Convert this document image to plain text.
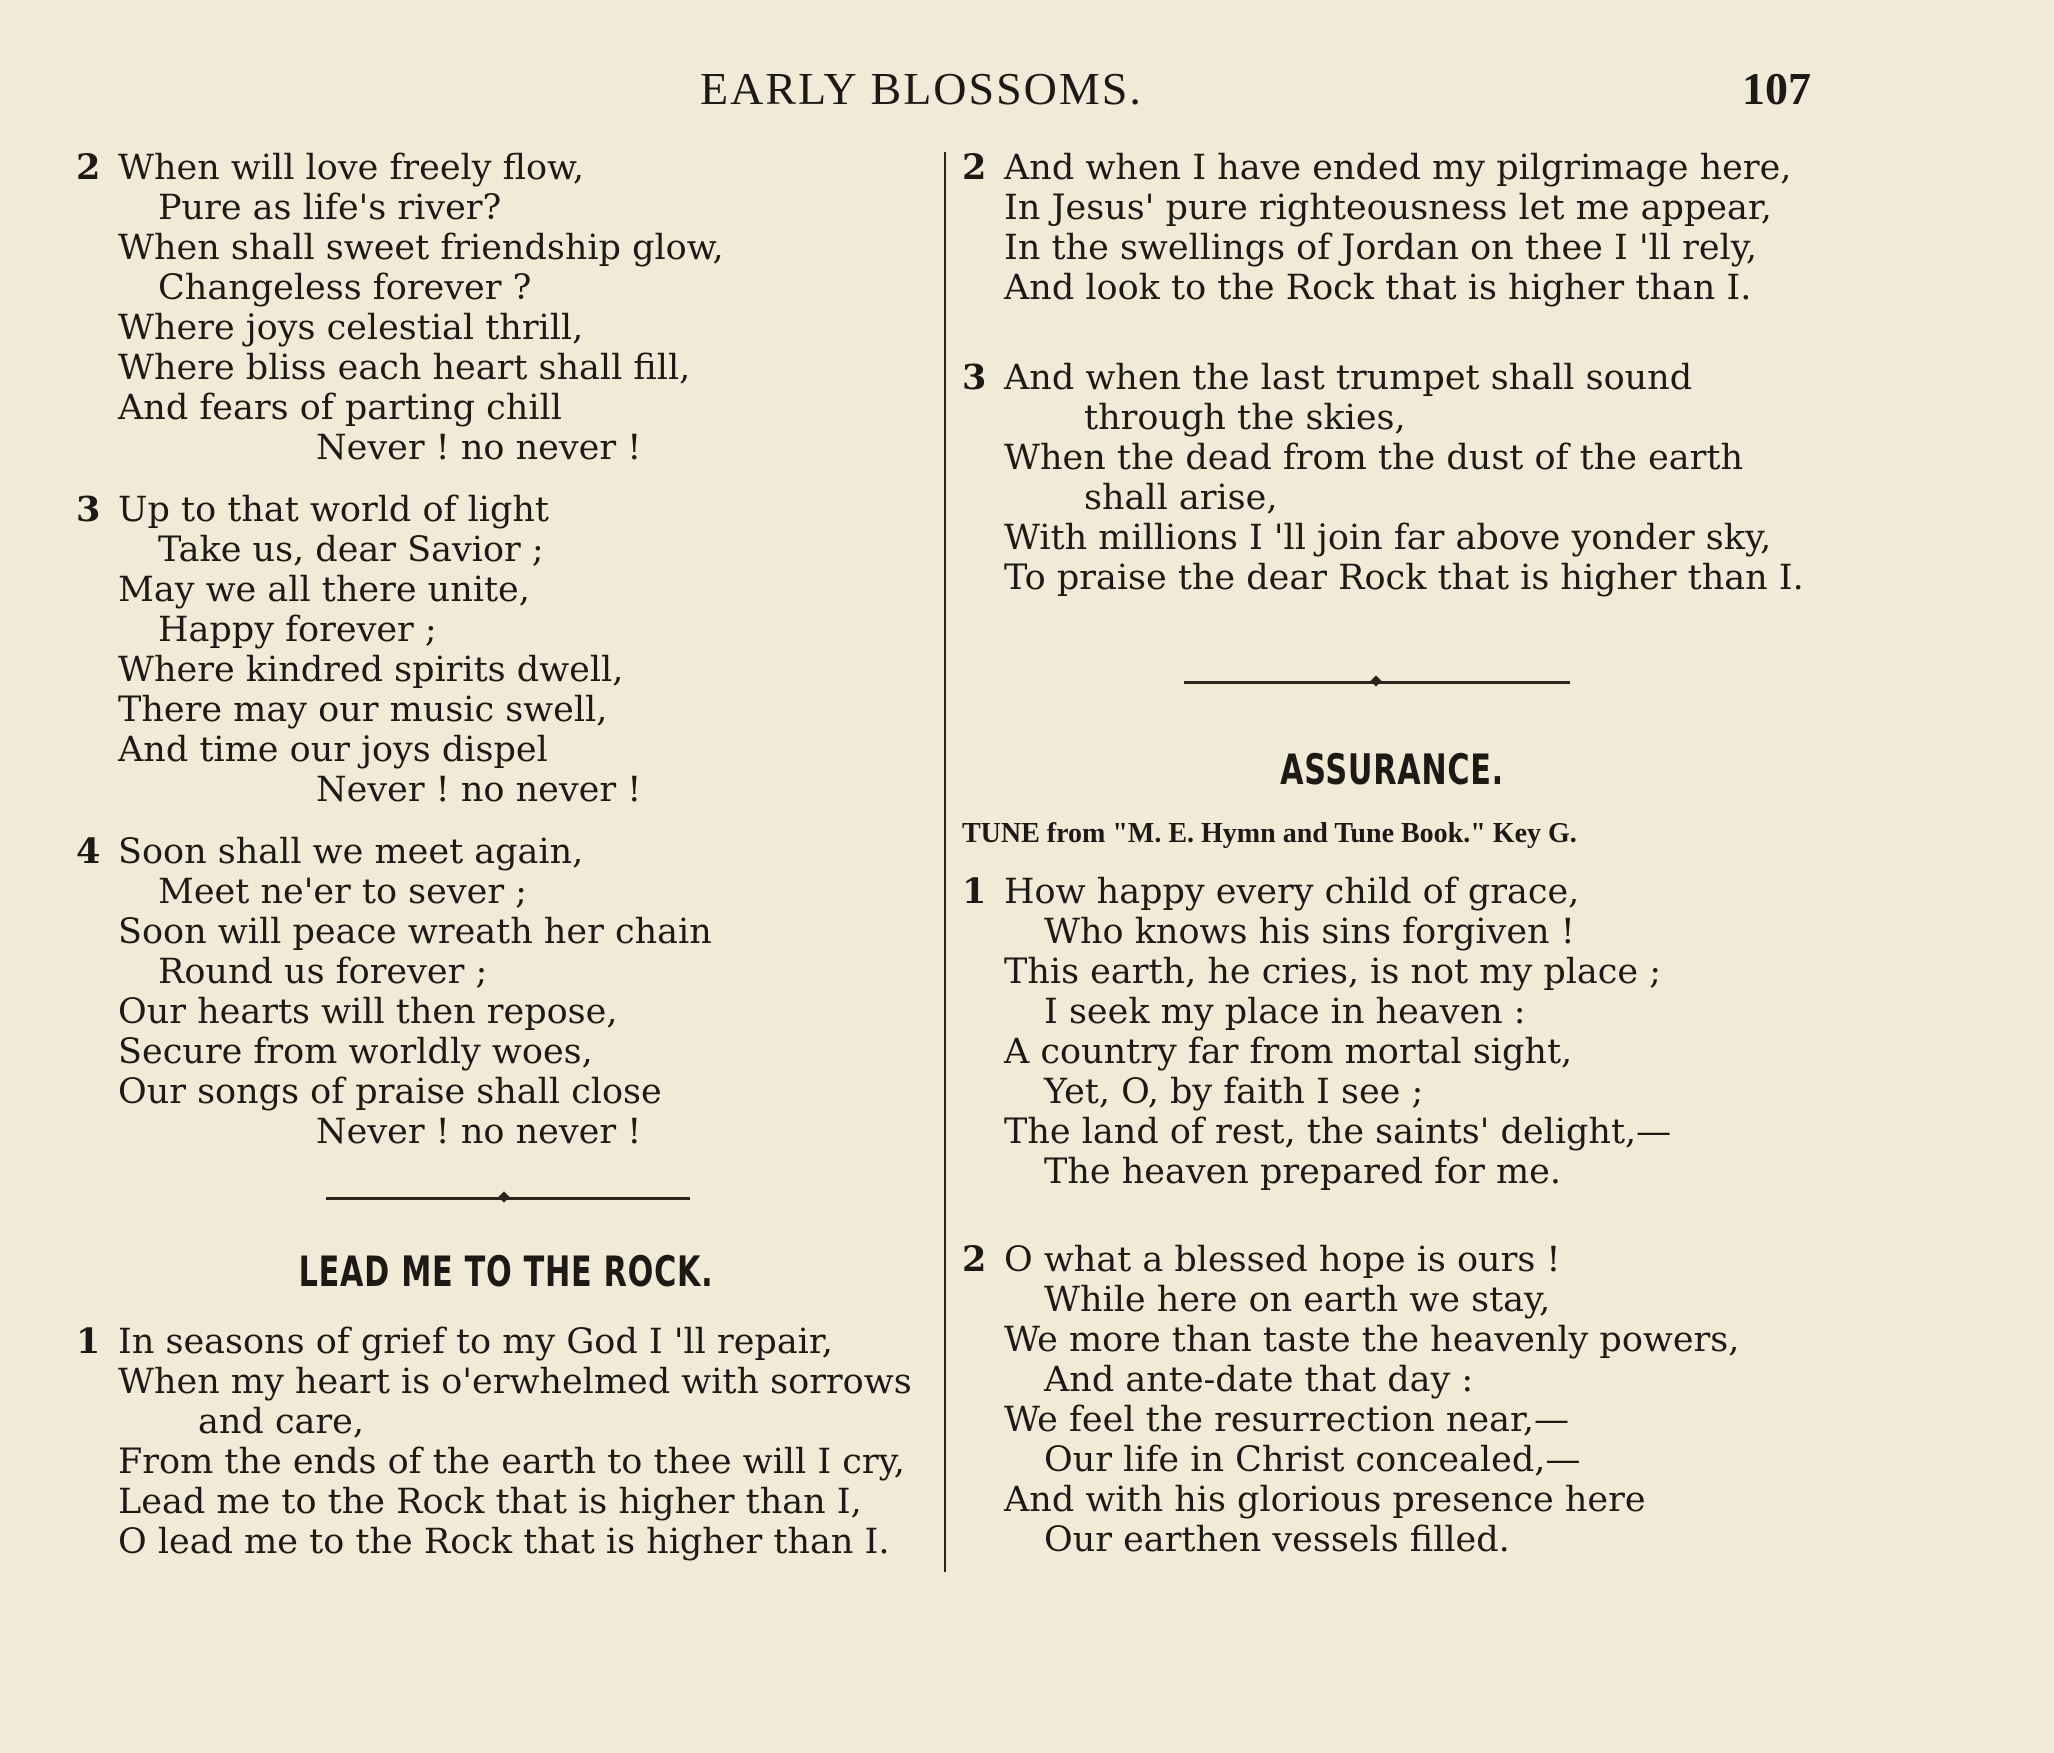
EARLY BLOSSOMS.	107
2 When will love freely flow,
Pure as life's river?
When shall sweet friendship glow,
Changeless forever ?
Where joys celestial thrill,
Where bliss each heart shall fill,
And fears of parting chill
Never ! no never !
3 Up to that world of light
Take us, dear Savior ;
May we all there unite,
Happy forever ;
Where kindred spirits dwell,
There may our music swell,
And time our joys dispel
Never ! no never !
4 Soon shall we meet again,
Meet ne'er to sever ;
Soon will peace wreath her chain
Round us forever ;
Our hearts will then repose,
Secure from worldly woes,
Our songs of praise shall close
Never ! no never !
LEAD ME TO THE ROCK.
1 In seasons of grief to my God I 'll repair,
When my heart is o'erwhelmed with sorrows
and care,
From the ends of the earth to thee will I cry,
Lead me to the Rock that is higher than I,
O lead me to the Rock that is higher than I.
2 And when I have ended my pilgrimage here,
In Jesus' pure righteousness let me appear,
In the swellings of Jordan on thee I 'll rely,
And look to the Rock that is higher than I.
3 And when the last trumpet shall sound
through the skies,
When the dead from the dust of the earth
shall arise,
With millions I 'll join far above yonder sky,
To praise the dear Rock that is higher than I.
ASSURANCE.
TUNE from "M. E. Hymn and Tune Book." Key G.
1 How happy every child of grace,
Who knows his sins forgiven !
This earth, he cries, is not my place ;
I seek my place in heaven :
A country far from mortal sight,
Yet, O, by faith I see ;
The land of rest, the saints' delight,—
The heaven prepared for me.
2 O what a blessed hope is ours !
While here on earth we stay,
We more than taste the heavenly powers,
And ante-date that day :
We feel the resurrection near,—
Our life in Christ concealed,—
And with his glorious presence here
Our earthen vessels filled.
